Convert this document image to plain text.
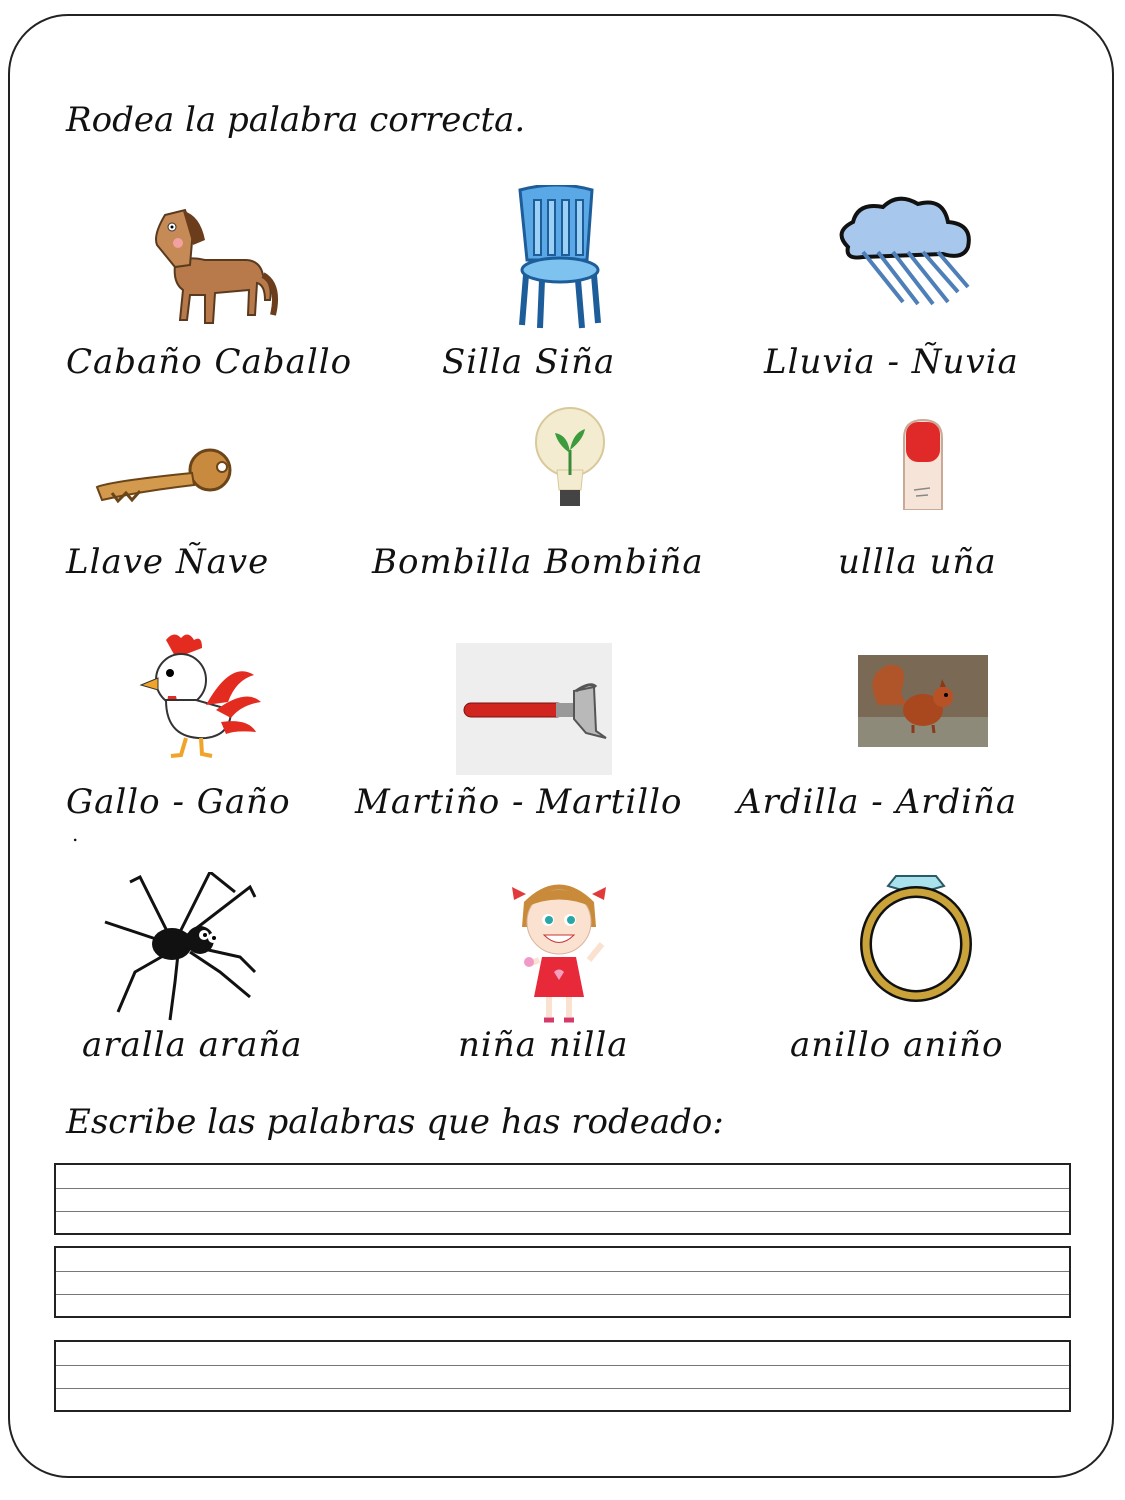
Rodea la palabra correcta.
Cabaño Caballo	Silla Siña	Lluvia - Ñuvia
Llave Ñave	Bombilla Bombiña	ullla uña
Gallo - Gaño Martiño - Martillo Ardilla - Ardiña
.
aralla araña	niña nilla	anillo aniño
Escribe las palabras que has rodeado:
